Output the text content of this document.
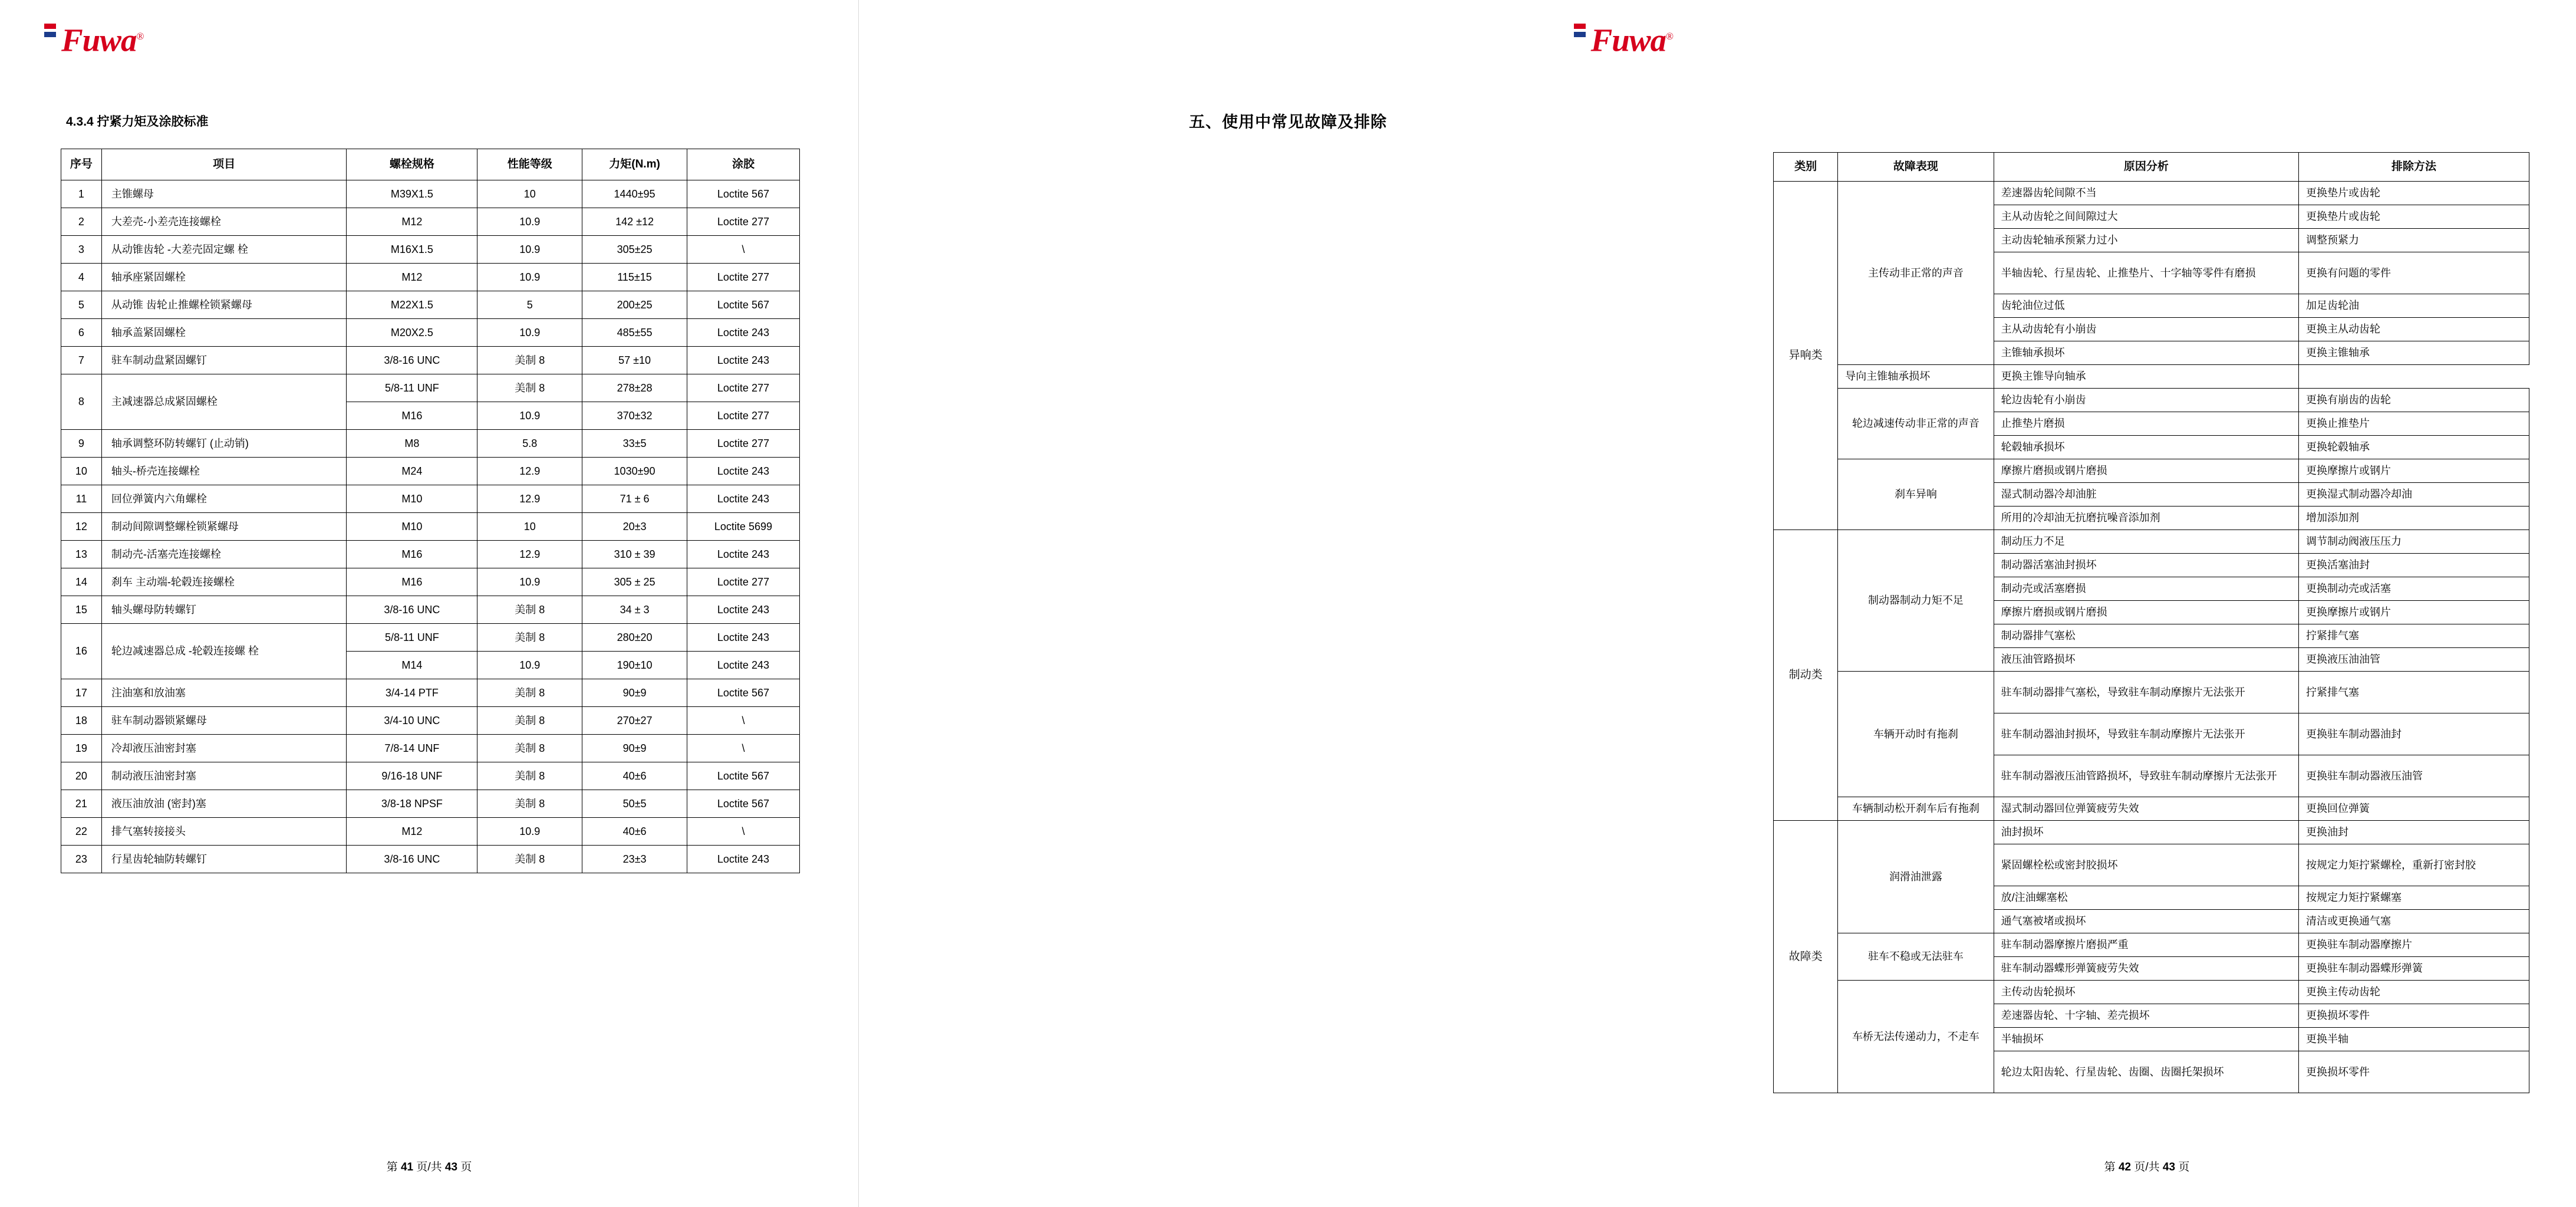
Fuwa®
4.3.4 拧紧力矩及涂胶标准
序号	项目	螺栓规格	性能等级	力矩(N.m)	涂胶
1	主锥螺母	M39X1.5	10	1440±95	Loctite 567
2	大差壳-小差壳连接螺栓	M12	10.9	142 ±12	Loctite 277
3	从动锥齿轮 -大差壳固定螺 栓	M16X1.5	10.9	305±25	\
4	轴承座紧固螺栓	M12	10.9	115±15	Loctite 277
5	从动锥 齿轮止推螺栓锁紧螺母	M22X1.5	5	200±25	Loctite 567
6	轴承盖紧固螺栓	M20X2.5	10.9	485±55	Loctite 243
7	驻车制动盘紧固螺钉	3/8-16 UNC	美制 8	57 ±10	Loctite 243
8	主减速器总成紧固螺栓	5/8-11 UNF	美制 8	278±28	Loctite 277
		M16	10.9	370±32	Loctite 277
9	轴承调整环防转螺钉 (止动销)	M8	5.8	33±5	Loctite 277
10	轴头-桥壳连接螺栓	M24	12.9	1030±90	Loctite 243
11	回位弹簧内六角螺栓	M10	12.9	71 ± 6	Loctite 243
12	制动间隙调整螺栓锁紧螺母	M10	10	20±3	Loctite 5699
13	制动壳-活塞壳连接螺栓	M16	12.9	310 ± 39	Loctite 243
14	刹车 主动端-轮毂连接螺栓	M16	10.9	305 ± 25	Loctite 277
15	轴头螺母防转螺钉	3/8-16 UNC	美制 8	34 ± 3	Loctite 243
16	轮边减速器总成 -轮毂连接螺 栓	5/8-11 UNF	美制 8	280±20	Loctite 243
		M14	10.9	190±10	Loctite 243
17	注油塞和放油塞	3/4-14 PTF	美制 8	90±9	Loctite 567
18	驻车制动器锁紧螺母	3/4-10 UNC	美制 8	270±27	\
19	冷却液压油密封塞	7/8-14 UNF	美制 8	90±9	\
20	制动液压油密封塞	9/16-18 UNF	美制 8	40±6	Loctite 567
21	液压油放油 (密封)塞	3/8-18 NPSF	美制 8	50±5	Loctite 567
22	排气塞转接接头	M12	10.9	40±6	\
23	行星齿轮轴防转螺钉	3/8-16 UNC	美制 8	23±3	Loctite 243
第 41 页/共 43 页
Fuwa®
五、使用中常见故障及排除
类别	故障表现	原因分析	排除方法
异响类	主传动非正常的声音	差速器齿轮间隙不当	更换垫片或齿轮
		主从动齿轮之间间隙过大	更换垫片或齿轮
		主动齿轮轴承预紧力过小	调整预紧力
		半轴齿轮、行星齿轮、止推垫片、十字轴等零件有磨损	更换有问题的零件
		齿轮油位过低	加足齿轮油
		主从动齿轮有小崩齿	更换主从动齿轮
		主锥轴承损坏	更换主锥轴承
	导向主锥轴承损坏	更换主锥导向轴承	
	轮边减速传动非正常的声音	轮边齿轮有小崩齿	更换有崩齿的齿轮
		止推垫片磨损	更换止推垫片
		轮毂轴承损坏	更换轮毂轴承
	刹车异响	摩擦片磨损或钢片磨损	更换摩擦片或钢片
		湿式制动器冷却油脏	更换湿式制动器冷却油
		所用的冷却油无抗磨抗噪音添加剂	增加添加剂
制动类	制动器制动力矩不足	制动压力不足	调节制动阀液压压力
		制动器活塞油封损坏	更换活塞油封
		制动壳或活塞磨损	更换制动壳或活塞
		摩擦片磨损或钢片磨损	更换摩擦片或钢片
		制动器排气塞松	拧紧排气塞
		液压油管路损坏	更换液压油油管
	车辆开动时有拖刹	驻车制动器排气塞松，导致驻车制动摩擦片无法张开	拧紧排气塞
		驻车制动器油封损坏，导致驻车制动摩擦片无法张开	更换驻车制动器油封
		驻车制动器液压油管路损坏，导致驻车制动摩擦片无法张开	更换驻车制动器液压油管
	车辆制动松开刹车后有拖刹	湿式制动器回位弹簧疲劳失效	更换回位弹簧
故障类	润滑油泄露	油封损坏	更换油封
		紧固螺栓松或密封胶损坏	按规定力矩拧紧螺栓，重新打密封胶
		放/注油螺塞松	按规定力矩拧紧螺塞
		通气塞被堵或损坏	清洁或更换通气塞
	驻车不稳或无法驻车	驻车制动器摩擦片磨损严重	更换驻车制动器摩擦片
		驻车制动器蝶形弹簧疲劳失效	更换驻车制动器蝶形弹簧
	车桥无法传递动力，不走车	主传动齿轮损坏	更换主传动齿轮
		差速器齿轮、十字轴、差壳损坏	更换损坏零件
		半轴损坏	更换半轴
		轮边太阳齿轮、行星齿轮、齿圈、齿圈托架损坏	更换损坏零件
第 42 页/共 43 页
